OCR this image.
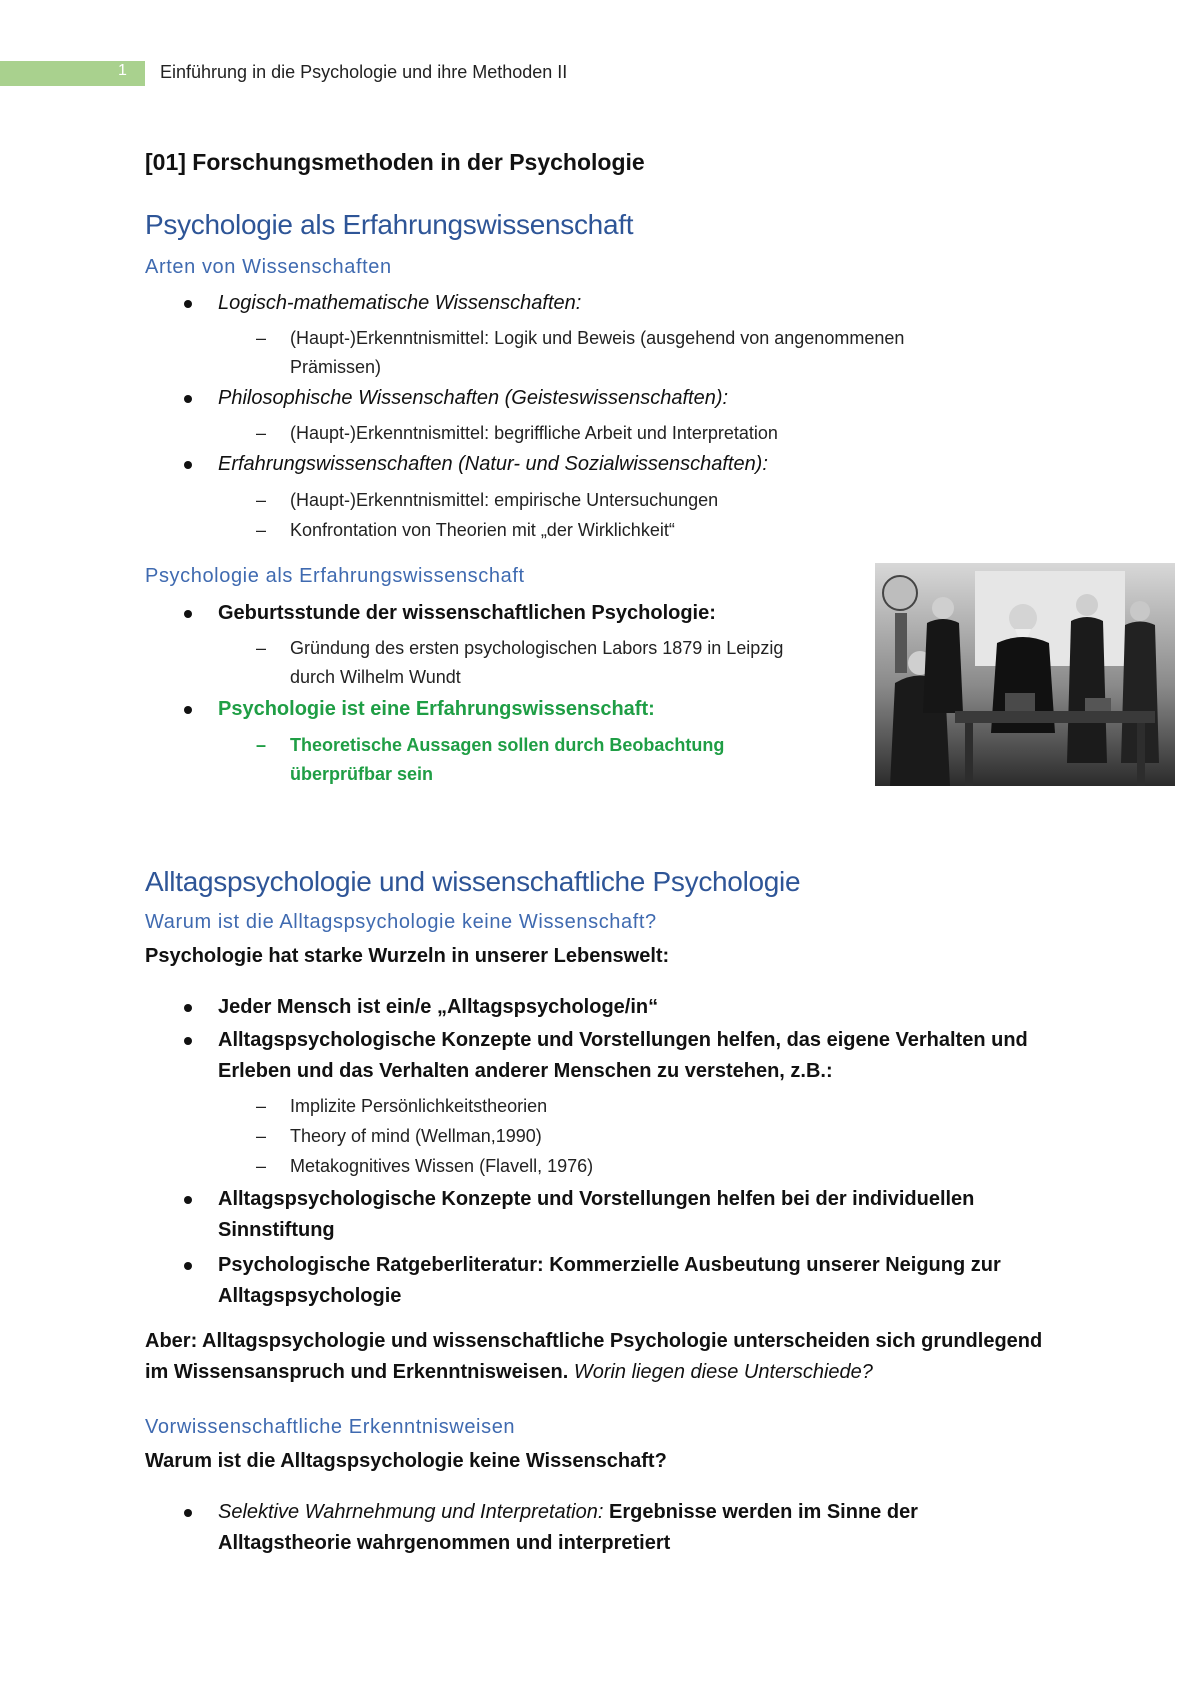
1 Einführung in die Psychologie und ihre Methoden II
[01] Forschungsmethoden in der Psychologie
Psychologie als Erfahrungswissenschaft
Arten von Wissenschaften
Logisch-mathematische Wissenschaften:
– (Haupt-)Erkenntnismittel: Logik und Beweis (ausgehend von angenommenen
Prämissen)
Philosophische Wissenschaften (Geisteswissenschaften):
– (Haupt-)Erkenntnismittel: begriffliche Arbeit und Interpretation
Erfahrungswissenschaften (Natur- und Sozialwissenschaften):
– (Haupt-)Erkenntnismittel: empirische Untersuchungen
– Konfrontation von Theorien mit „der Wirklichkeit“
Psychologie als Erfahrungswissenschaft
Geburtsstunde der wissenschaftlichen Psychologie:
– Gründung des ersten psychologischen Labors 1879 in Leipzig
durch Wilhelm Wundt
Psychologie ist eine Erfahrungswissenschaft:
– Theoretische Aussagen sollen durch Beobachtung
überprüfbar sein
Alltagspsychologie und wissenschaftliche Psychologie
Warum ist die Alltagspsychologie keine Wissenschaft?
Psychologie hat starke Wurzeln in unserer Lebenswelt:
Jeder Mensch ist ein/e „Alltagspsychologe/in“
Alltagspsychologische Konzepte und Vorstellungen helfen, das eigene Verhalten und
Erleben und das Verhalten anderer Menschen zu verstehen, z.B.:
– Implizite Persönlichkeitstheorien
– Theory of mind (Wellman,1990)
– Metakognitives Wissen (Flavell, 1976)
Alltagspsychologische Konzepte und Vorstellungen helfen bei der individuellen
Sinnstiftung
Psychologische Ratgeberliteratur: Kommerzielle Ausbeutung unserer Neigung zur
Alltagspsychologie
Aber: Alltagspsychologie und wissenschaftliche Psychologie unterscheiden sich grundlegend
im Wissensanspruch und Erkenntnisweisen. Worin liegen diese Unterschiede?
Vorwissenschaftliche Erkenntnisweisen
Warum ist die Alltagspsychologie keine Wissenschaft?
Selektive Wahrnehmung und Interpretation: Ergebnisse werden im Sinne der
Alltagstheorie wahrgenommen und interpretiert
